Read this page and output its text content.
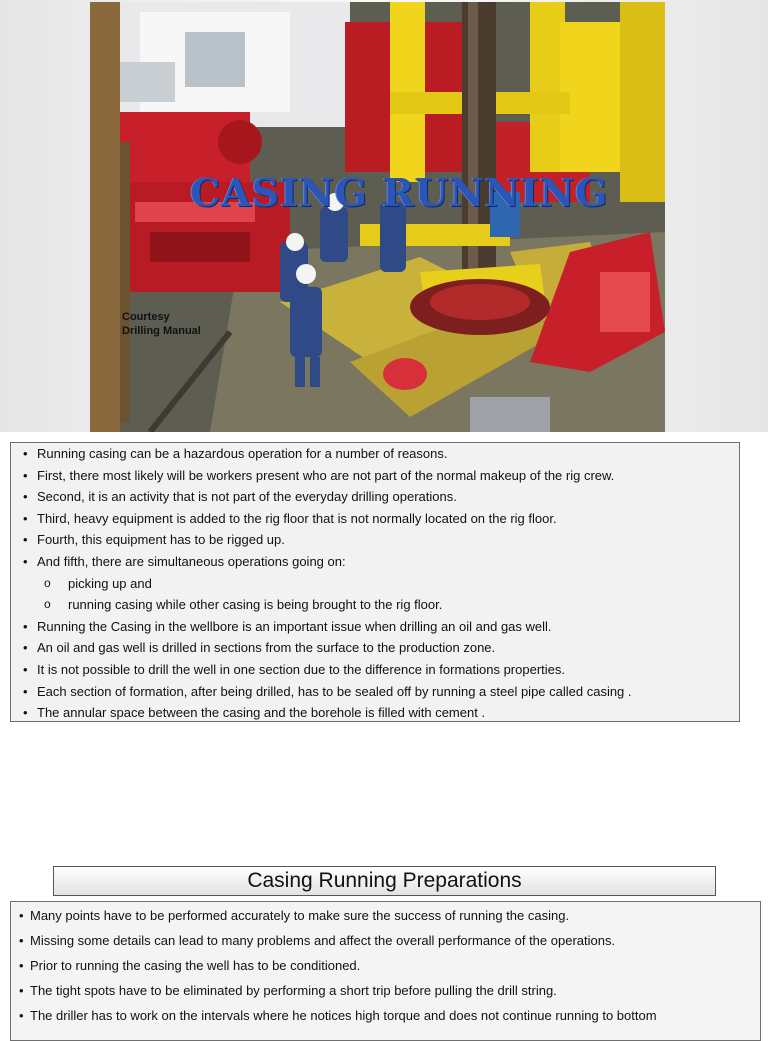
CASING RUNNING
Courtesy
Drilling Manual
• Running casing can be a hazardous operation for a number of reasons.
• First, there most likely will be workers present who are not part of the normal makeup of the rig crew.
• Second, it is an activity that is not part of the everyday drilling operations.
• Third, heavy equipment is added to the rig floor that is not normally located on the rig floor.
• Fourth, this equipment has to be rigged up.
• And fifth, there are simultaneous operations going on:
o picking up and
o running casing while other casing is being brought to the rig floor.
• Running the Casing in the wellbore is an important issue when drilling an oil and gas well.
• An oil and gas well is drilled in sections from the surface to the production zone.
• It is not possible to drill the well in one section due to the difference in formations properties.
• Each section of formation, after being drilled, has to be sealed off by running a steel pipe called casing .
• The annular space between the casing and the borehole is filled with cement .
Casing Running Preparations
• Many points have to be performed accurately to make sure the success of running the casing.
• Missing some details can lead to many problems and affect the overall performance of the operations.
• Prior to running the casing the well has to be conditioned.
• The tight spots have to be eliminated by performing a short trip before pulling the drill string.
• The driller has to work on the intervals where he notices high torque and does not continue running to bottom
